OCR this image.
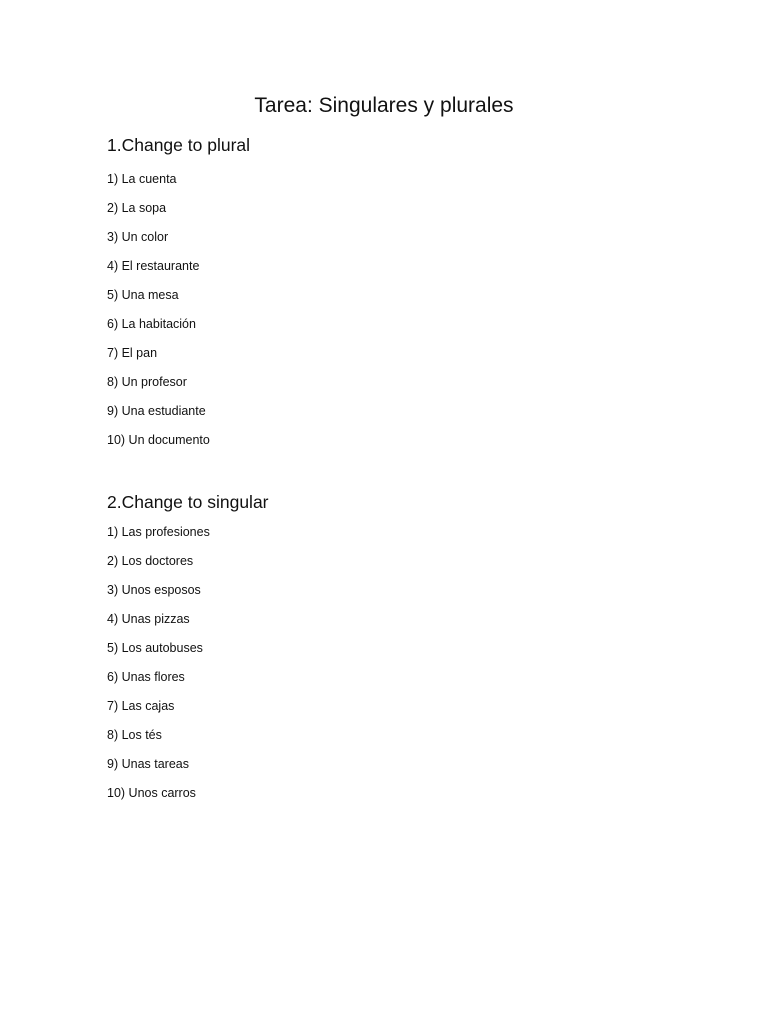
Tarea: Singulares y plurales
1.Change to plural
1) La cuenta
2) La sopa
3) Un color
4) El restaurante
5) Una mesa
6) La habitación
7) El pan
8) Un profesor
9) Una estudiante
10) Un documento
2.Change to singular
1) Las profesiones
2) Los doctores
3) Unos esposos
4) Unas pizzas
5) Los autobuses
6) Unas flores
7) Las cajas
8) Los tés
9) Unas tareas
10) Unos carros
